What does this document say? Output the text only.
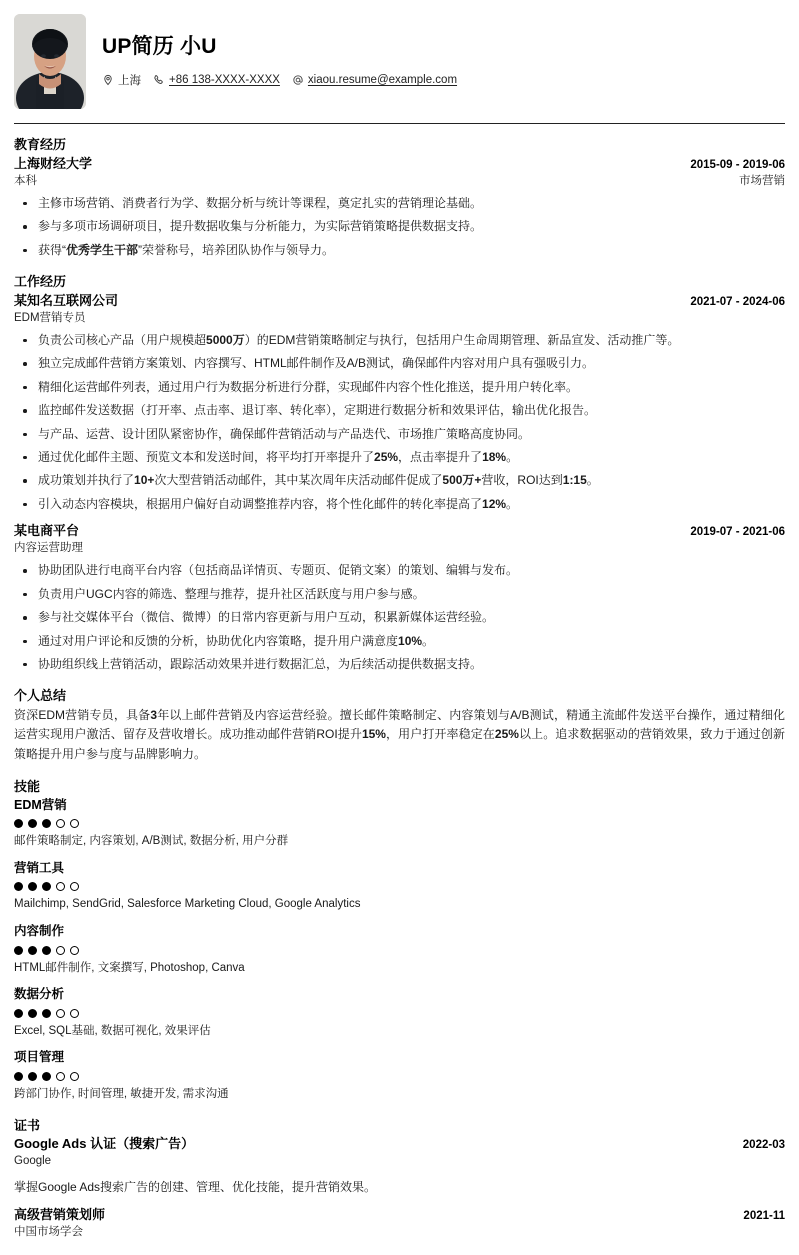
UP简历 小U
上海 +86 138-XXXX-XXXX xiaou.resume@example.com
教育经历
上海财经大学	2015-09 - 2019-06
本科	市场营销
主修市场营销、消费者行为学、数据分析与统计等课程，奠定扎实的营销理论基础。
参与多项市场调研项目，提升数据收集与分析能力，为实际营销策略提供数据支持。
获得“优秀学生干部”荣誉称号，培养团队协作与领导力。
工作经历
某知名互联网公司	2021-07 - 2024-06
EDM营销专员
负责公司核心产品（用户规模超5000万）的EDM营销策略制定与执行，包括用户生命周期管理、新品宣发、活动推广等。
独立完成邮件营销方案策划、内容撰写、HTML邮件制作及A/B测试，确保邮件内容对用户具有强吸引力。
精细化运营邮件列表，通过用户行为数据分析进行分群，实现邮件内容个性化推送，提升用户转化率。
监控邮件发送数据（打开率、点击率、退订率、转化率），定期进行数据分析和效果评估，输出优化报告。
与产品、运营、设计团队紧密协作，确保邮件营销活动与产品迭代、市场推广策略高度协同。
通过优化邮件主题、预览文本和发送时间，将平均打开率提升了25%，点击率提升了18%。
成功策划并执行了10+次大型营销活动邮件，其中某次周年庆活动邮件促成了500万+营收，ROI达到1:15。
引入动态内容模块，根据用户偏好自动调整推荐内容，将个性化邮件的转化率提高了12%。
某电商平台	2019-07 - 2021-06
内容运营助理
协助团队进行电商平台内容（包括商品详情页、专题页、促销文案）的策划、编辑与发布。
负责用户UGC内容的筛选、整理与推荐，提升社区活跃度与用户参与感。
参与社交媒体平台（微信、微博）的日常内容更新与用户互动，积累新媒体运营经验。
通过对用户评论和反馈的分析，协助优化内容策略，提升用户满意度10%。
协助组织线上营销活动，跟踪活动效果并进行数据汇总，为后续活动提供数据支持。
个人总结
资深EDM营销专员，具备3年以上邮件营销及内容运营经验。擅长邮件策略制定、内容策划与A/B测试，精通主流邮件发送平台操作，通过精细化运营实现用户激活、留存及营收增长。成功推动邮件营销ROI提升15%，用户打开率稳定在25%以上。追求数据驱动的营销效果，致力于通过创新策略提升用户参与度与品牌影响力。
技能
EDM营销
邮件策略制定, 内容策划, A/B测试, 数据分析, 用户分群
营销工具
Mailchimp, SendGrid, Salesforce Marketing Cloud, Google Analytics
内容制作
HTML邮件制作, 文案撰写, Photoshop, Canva
数据分析
Excel, SQL基础, 数据可视化, 效果评估
项目管理
跨部门协作, 时间管理, 敏捷开发, 需求沟通
证书
Google Ads 认证（搜索广告）	2022-03
Google
掌握Google Ads搜索广告的创建、管理、优化技能，提升营销效果。
高级营销策划师	2021-11
中国市场学会
